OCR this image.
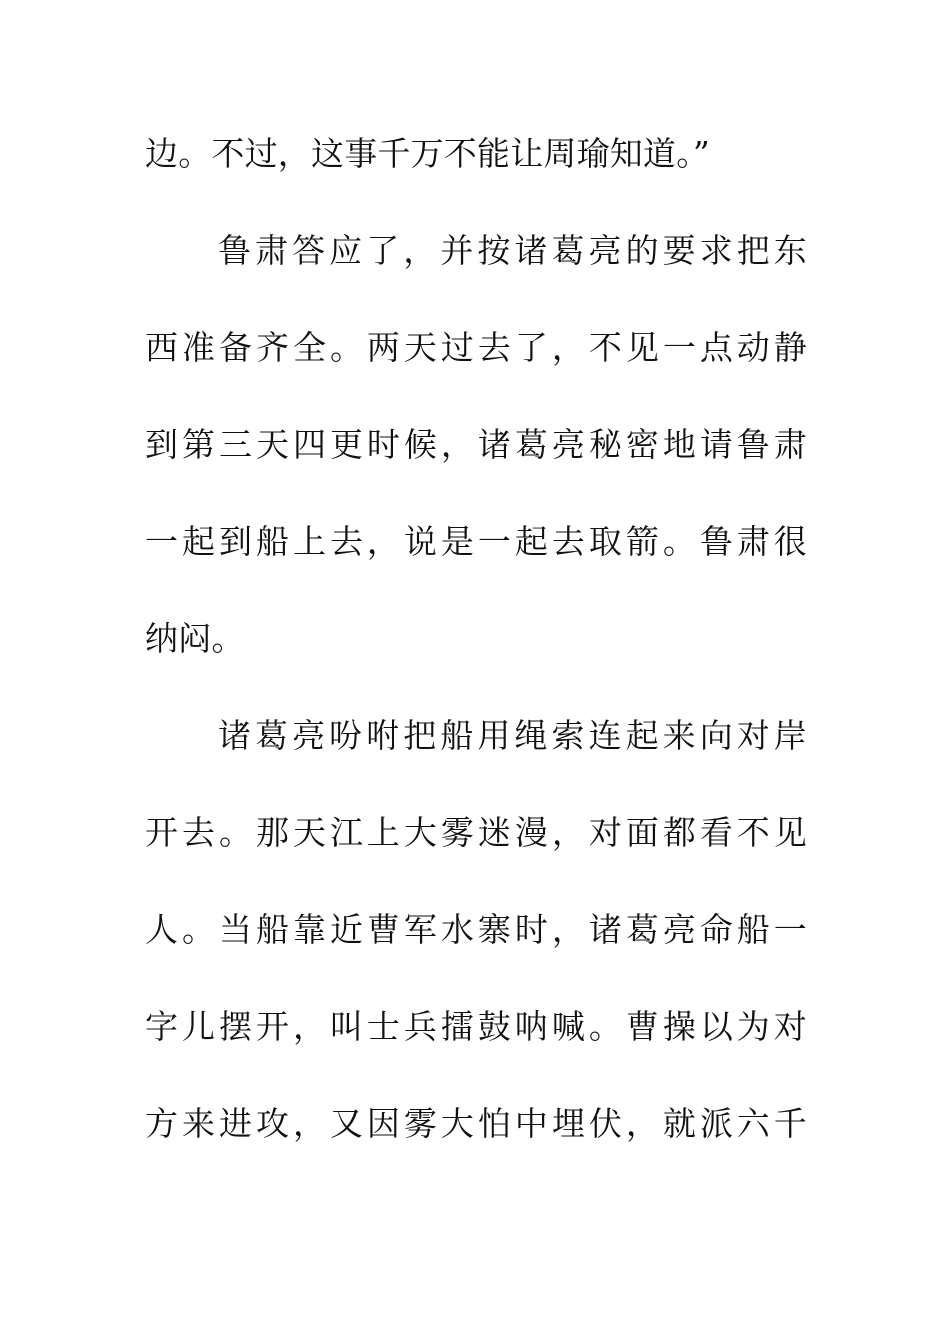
边。不过，这事千万不能让周瑜知道。”
鲁肃答应了，并按诸葛亮的要求把东
西准备齐全。两天过去了，不见一点动静
到第三天四更时候，诸葛亮秘密地请鲁肃
一起到船上去，说是一起去取箭。鲁肃很
纳闷。
诸葛亮吩咐把船用绳索连起来向对岸
开去。那天江上大雾迷漫，对面都看不见
人。当船靠近曹军水寨时，诸葛亮命船一
字儿摆开，叫士兵擂鼓呐喊。曹操以为对
方来进攻，又因雾大怕中埋伏，就派六千
